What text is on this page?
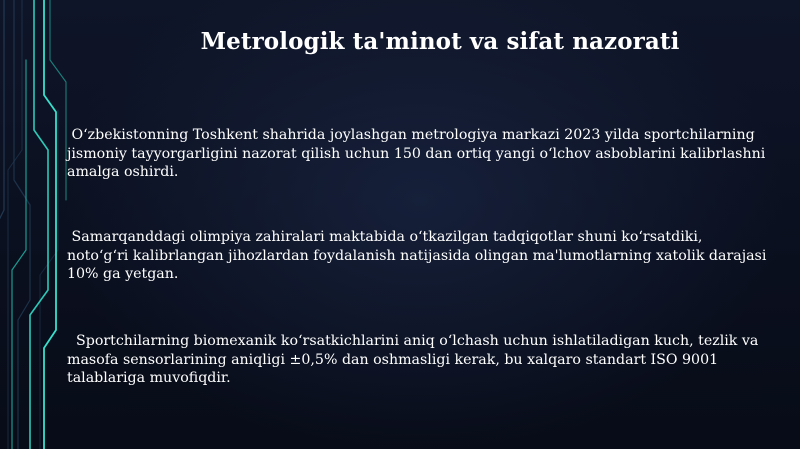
Metrologik ta'minot va sifat nazorati

O‘zbekistonning Toshkent shahrida joylashgan metrologiya markazi 2023 yilda sportchilarning jismoniy tayyorgarligini nazorat qilish uchun 150 dan ortiq yangi o‘lchov asboblarini kalibrlashni amalga oshirdi.

Samarqanddagi olimpiya zahiralari maktabida o‘tkazilgan tadqiqotlar shuni ko‘rsatdiki, noto‘g‘ri kalibrlangan jihozlardan foydalanish natijasida olingan ma'lumotlarning xatolik darajasi 10% ga yetgan.

Sportchilarning biomexanik ko‘rsatkichlarini aniq o‘lchash uchun ishlatiladigan kuch, tezlik va masofa sensorlarining aniqligi ±0,5% dan oshmasligi kerak, bu xalqaro standart ISO 9001 talablariga muvofiqdir.
